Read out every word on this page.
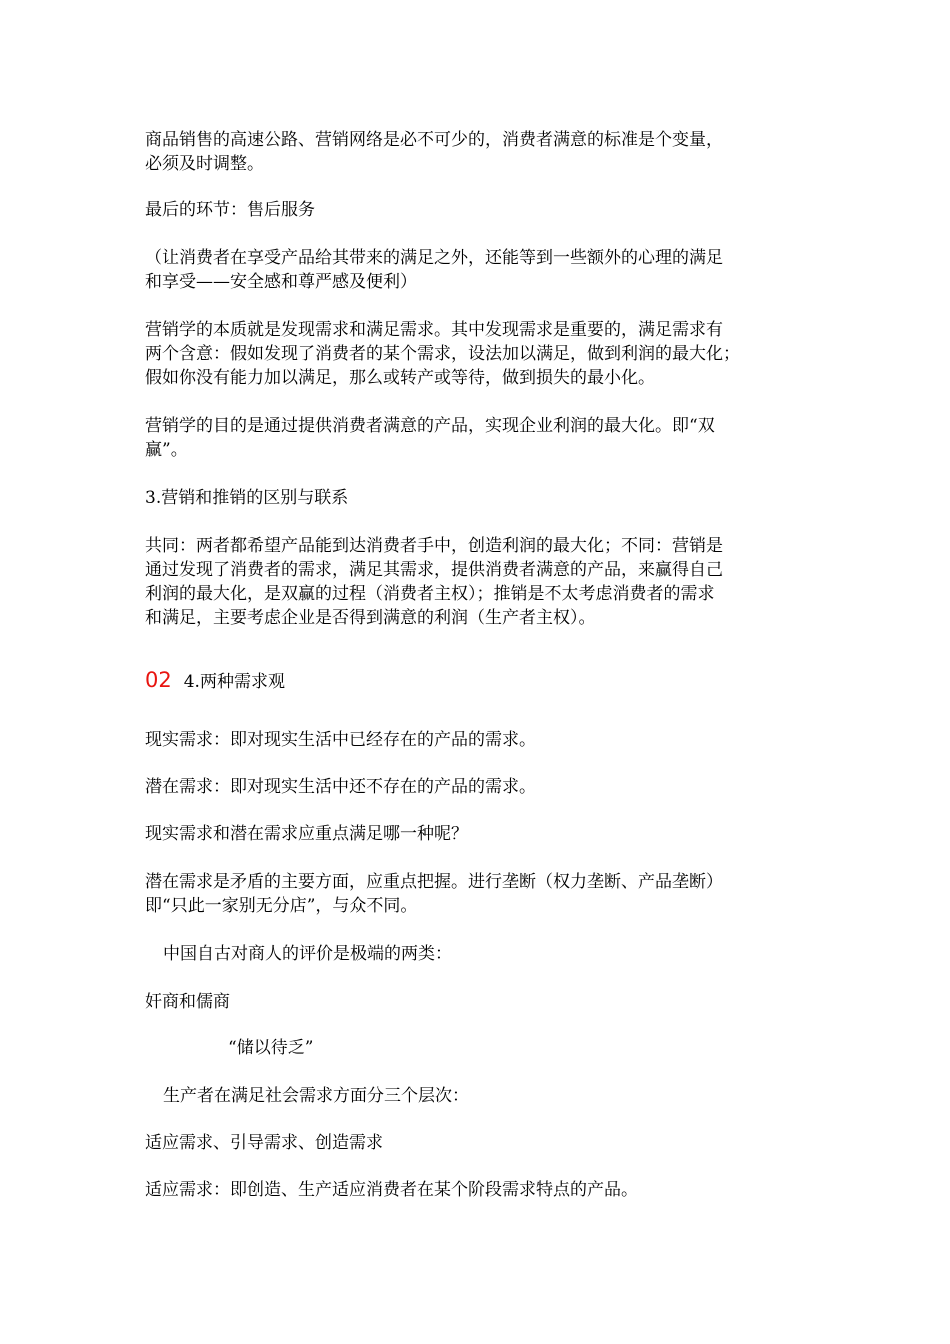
商品销售的高速公路、营销网络是必不可少的，消费者满意的标准是个变量，
必须及时调整。

最后的环节：售后服务

（让消费者在享受产品给其带来的满足之外，还能等到一些额外的心理的满足
和享受——安全感和尊严感及便利）

营销学的本质就是发现需求和满足需求。其中发现需求是重要的，满足需求有
两个含意：假如发现了消费者的某个需求，设法加以满足，做到利润的最大化；
假如你没有能力加以满足，那么或转产或等待，做到损失的最小化。

营销学的目的是通过提供消费者满意的产品，实现企业利润的最大化。即“双
赢”。

3.营销和推销的区别与联系

共同：两者都希望产品能到达消费者手中，创造利润的最大化；不同：营销是
通过发现了消费者的需求，满足其需求，提供消费者满意的产品，来赢得自己
利润的最大化，是双赢的过程（消费者主权）；推销是不太考虑消费者的需求
和满足，主要考虑企业是否得到满意的利润（生产者主权）。

02 4.两种需求观

现实需求：即对现实生活中已经存在的产品的需求。

潜在需求：即对现实生活中还不存在的产品的需求。

现实需求和潜在需求应重点满足哪一种呢？

潜在需求是矛盾的主要方面，应重点把握。进行垄断（权力垄断、产品垄断）
即“只此一家别无分店”，与众不同。

中国自古对商人的评价是极端的两类：

奸商和儒商

“储以待乏”

生产者在满足社会需求方面分三个层次：

适应需求、引导需求、创造需求

适应需求：即创造、生产适应消费者在某个阶段需求特点的产品。
